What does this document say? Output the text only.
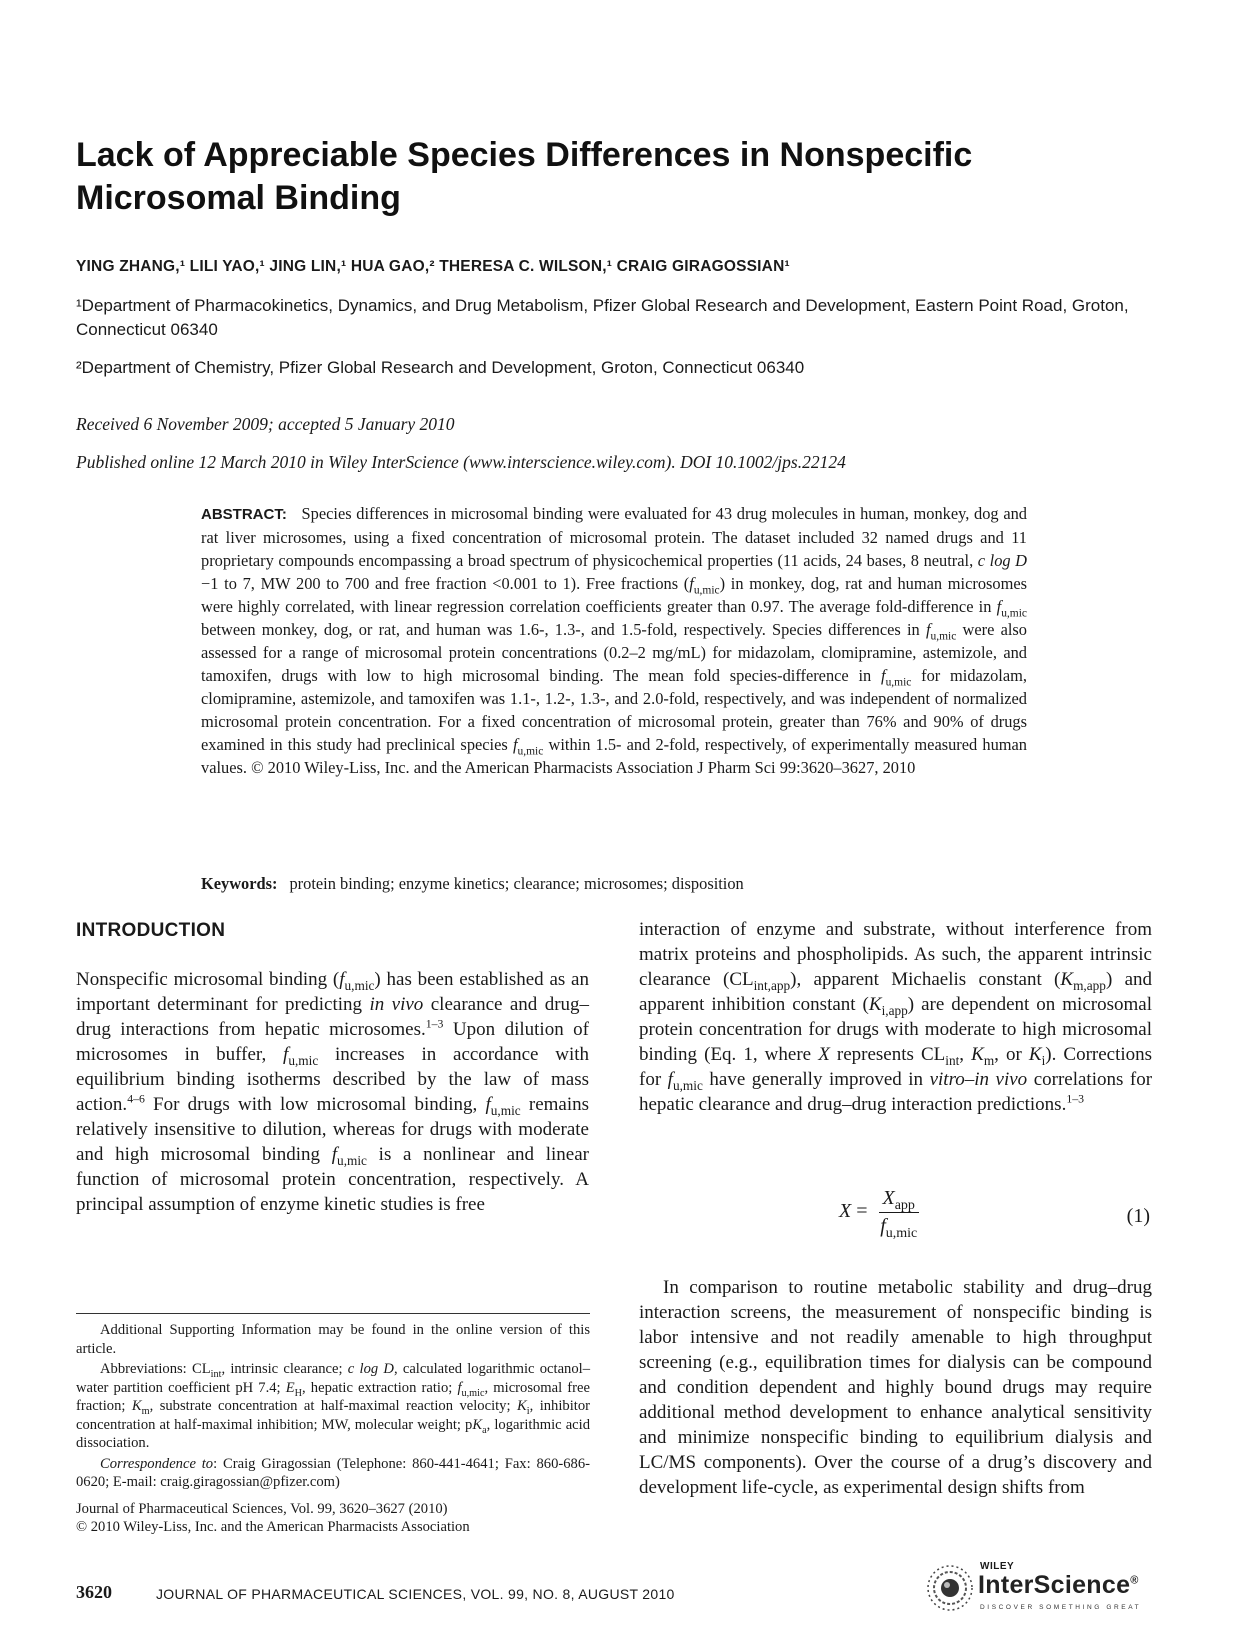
Lack of Appreciable Species Differences in Nonspecific Microsomal Binding
YING ZHANG,¹ LILI YAO,¹ JING LIN,¹ HUA GAO,² THERESA C. WILSON,¹ CRAIG GIRAGOSSIAN¹
¹Department of Pharmacokinetics, Dynamics, and Drug Metabolism, Pfizer Global Research and Development, Eastern Point Road, Groton, Connecticut 06340
²Department of Chemistry, Pfizer Global Research and Development, Groton, Connecticut 06340
Received 6 November 2009; accepted 5 January 2010
Published online 12 March 2010 in Wiley InterScience (www.interscience.wiley.com). DOI 10.1002/jps.22124
ABSTRACT: Species differences in microsomal binding were evaluated for 43 drug molecules in human, monkey, dog and rat liver microsomes, using a fixed concentration of microsomal protein. The dataset included 32 named drugs and 11 proprietary compounds encompassing a broad spectrum of physicochemical properties (11 acids, 24 bases, 8 neutral, c log D −1 to 7, MW 200 to 700 and free fraction <0.001 to 1). Free fractions $(f_{u,mic})$ in monkey, dog, rat and human microsomes were highly correlated, with linear regression correlation coefficients greater than 0.97. The average fold-difference in $f_{u,mic}$ between monkey, dog, or rat, and human was 1.6-, 1.3-, and 1.5-fold, respectively. Species differences in $f_{u,mic}$ were also assessed for a range of microsomal protein concentrations (0.2–2 mg/mL) for midazolam, clomipramine, astemizole, and tamoxifen, drugs with low to high microsomal binding. The mean fold species-difference in $f_{u,mic}$ for midazolam, clomipramine, astemizole, and tamoxifen was 1.1-, 1.2-, 1.3-, and 2.0-fold, respectively, and was independent of normalized microsomal protein concentration. For a fixed concentration of microsomal protein, greater than 76% and 90% of drugs examined in this study had preclinical species $f_{u,mic}$ within 1.5- and 2-fold, respectively, of experimentally measured human values. © 2010 Wiley-Liss, Inc. and the American Pharmacists Association J Pharm Sci 99:3620–3627, 2010
Keywords: protein binding; enzyme kinetics; clearance; microsomes; disposition
INTRODUCTION
Nonspecific microsomal binding $(f_{u,mic})$ has been established as an important determinant for predicting in vivo clearance and drug–drug interactions from hepatic microsomes.$^{1-3}$ Upon dilution of microsomes in buffer, $f_{u,mic}$ increases in accordance with equilibrium binding isotherms described by the law of mass action.$^{4-6}$ For drugs with low microsomal binding, $f_{u,mic}$ remains relatively insensitive to dilution, whereas for drugs with moderate and high microsomal binding $f_{u,mic}$ is a nonlinear and linear function of microsomal protein concentration, respectively. A principal assumption of enzyme kinetic studies is free
interaction of enzyme and substrate, without interference from matrix proteins and phospholipids. As such, the apparent intrinsic clearance $(CL_{int,app})$, apparent Michaelis constant $(K_{m,app})$ and apparent inhibition constant $(K_{i,app})$ are dependent on microsomal protein concentration for drugs with moderate to high microsomal binding (Eq. 1, where X represents $CL_{int}$, $K_m$, or $K_i$). Corrections for $f_{u,mic}$ have generally improved in vitro–in vivo correlations for hepatic clearance and drug–drug interaction predictions.$^{1-3}$
$X = \frac{X_{app}}{f_{u,mic}}$	(1)
In comparison to routine metabolic stability and drug–drug interaction screens, the measurement of nonspecific binding is labor intensive and not readily amenable to high throughput screening (e.g., equilibration times for dialysis can be compound and condition dependent and highly bound drugs may require additional method development to enhance analytical sensitivity and minimize nonspecific binding to equilibrium dialysis and LC/MS components). Over the course of a drug’s discovery and development life-cycle, as experimental design shifts from

Additional Supporting Information may be found in the online version of this article.

Abbreviations: $CL_{int}$, intrinsic clearance; c log D, calculated logarithmic octanol–water partition coefficient pH 7.4; $E_H$, hepatic extraction ratio; $f_{u,mic}$, microsomal free fraction; $K_m$, substrate concentration at half-maximal reaction velocity; $K_i$, inhibitor concentration at half-maximal inhibition; MW, molecular weight; $pK_a$, logarithmic acid dissociation.

Correspondence to: Craig Giragossian (Telephone: 860-441-4641; Fax: 860-686-0620; E-mail: craig.giragossian@pfizer.com)

Journal of Pharmaceutical Sciences, Vol. 99, 3620–3627 (2010)

© 2010 Wiley-Liss, Inc. and the American Pharmacists Association

3620	JOURNAL OF PHARMACEUTICAL SCIENCES, VOL. 99, NO. 8, AUGUST 2010
WILEY
InterScience®
DISCOVER SOMETHING GREAT
